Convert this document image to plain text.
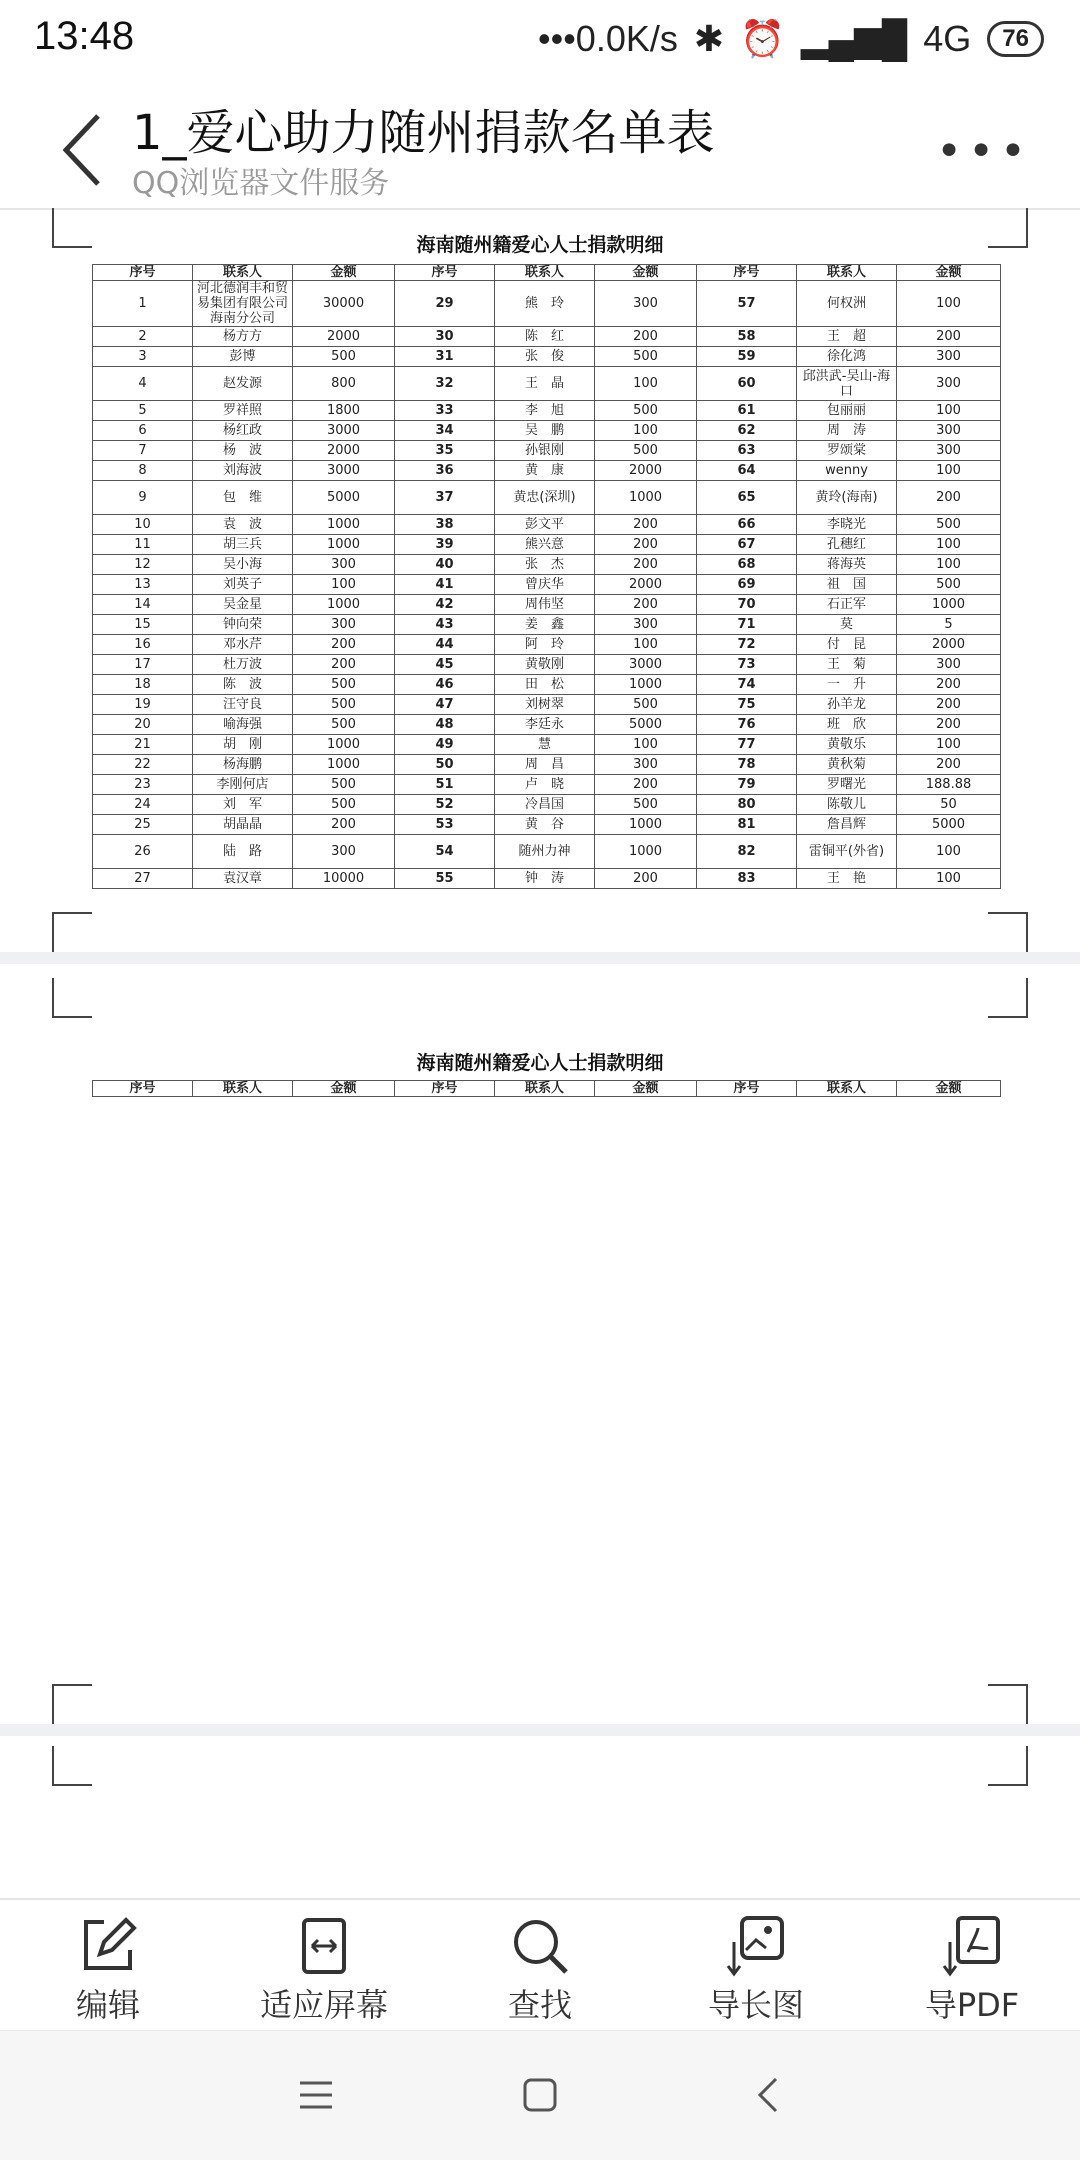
13:48	•••0.0K/s ✱ ⏰ ▂▄▆█ 4G	76
1_爱心助力随州捐款名单表
QQ浏览器文件服务
•••
海南随州籍爱心人士捐款明细
序号	联系人	金额	序号	联系人	金额	序号	联系人	金额
1	河北德润丰和贸易集团有限公司海南分公司	30000	29	熊　玲	300	57	何权洲	100
2	杨方方	2000	30	陈　红	200	58	王　超	200
3	彭博	500	31	张　俊	500	59	徐化鸿	300
4	赵发源	800	32	王　晶	100	60	邱洪武-吴山-海口	300
5	罗祥照	1800	33	李　旭	500	61	包丽丽	100
6	杨红政	3000	34	吴　鹏	100	62	周　涛	300
7	杨　波	2000	35	孙银刚	500	63	罗颂棠	300
8	刘海波	3000	36	黄　康	2000	64	wenny	100
9	包　维	5000	37	黄忠(深圳)	1000	65	黄玲(海南)	200
10	袁　波	1000	38	彭文平	200	66	李晓光	500
11	胡三兵	1000	39	熊兴意	200	67	孔穗红	100
12	吴小海	300	40	张　杰	200	68	蒋海英	100
13	刘英子	100	41	曾庆华	2000	69	祖　国	500
14	吴金星	1000	42	周伟坚	200	70	石正军	1000
15	钟向荣	300	43	姜　鑫	300	71	莫	5
16	邓水芹	200	44	阿　玲	100	72	付　昆	2000
17	杜万波	200	45	黄敬刚	3000	73	王　菊	300
18	陈　波	500	46	田　松	1000	74	一　升	200
19	汪守良	500	47	刘树翠	500	75	孙羊龙	200
20	喻海强	500	48	李廷永	5000	76	班　欣	200
21	胡　刚	1000	49	慧	100	77	黄敬乐	100
22	杨海鹏	1000	50	周　昌	300	78	黄秋菊	200
23	李刚何店	500	51	卢　晓	200	79	罗曙光	188.88
24	刘　军	500	52	冷昌国	500	80	陈敬儿	50
25	胡晶晶	200	53	黄　谷	1000	81	詹昌辉	5000
26	陆　路	300	54	随州力神	1000	82	雷铜平(外省)	100
27	袁汉章	10000	55	钟　涛	200	83	王　艳	100
海南随州籍爱心人士捐款明细
序号	联系人	金额	序号	联系人	金额	序号	联系人	金额
编辑	适应屏幕	查找	导长图	导PDF
